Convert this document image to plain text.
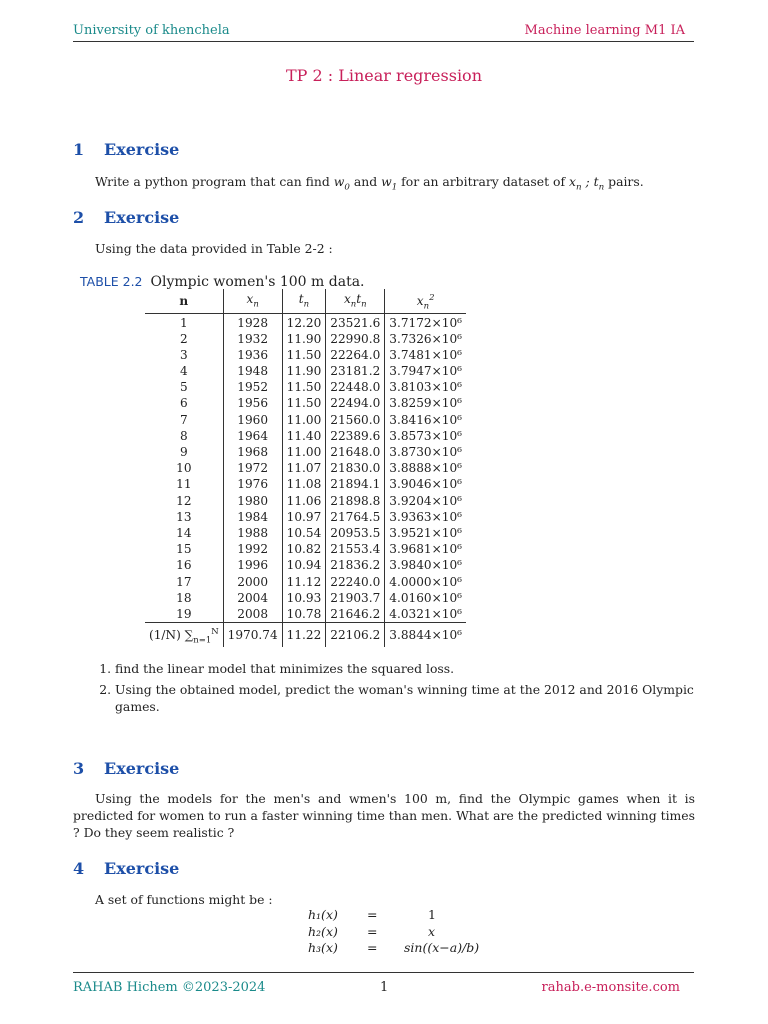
University of khenchela	Machine learning M1 IA
TP 2 : Linear regression
1 Exercise
Write a python program that can find $w_0$ and $w_1$ for an arbitrary dataset of $x_n$ ; $t_n$ pairs.
2 Exercise
Using the data provided in Table 2-2 :
TABLE 2.2 Olympic women's 100 m data.
n	$x_n$	$t_n$	$x_nt_n$	$x_n^2$
1	1928	12.20	23521.6	3.7172×10⁶
2	1932	11.90	22990.8	3.7326×10⁶
3	1936	11.50	22264.0	3.7481×10⁶
4	1948	11.90	23181.2	3.7947×10⁶
5	1952	11.50	22448.0	3.8103×10⁶
6	1956	11.50	22494.0	3.8259×10⁶
7	1960	11.00	21560.0	3.8416×10⁶
8	1964	11.40	22389.6	3.8573×10⁶
9	1968	11.00	21648.0	3.8730×10⁶
10	1972	11.07	21830.0	3.8888×10⁶
11	1976	11.08	21894.1	3.9046×10⁶
12	1980	11.06	21898.8	3.9204×10⁶
13	1984	10.97	21764.5	3.9363×10⁶
14	1988	10.54	20953.5	3.9521×10⁶
15	1992	10.82	21553.4	3.9681×10⁶
16	1996	10.94	21836.2	3.9840×10⁶
17	2000	11.12	22240.0	4.0000×10⁶
18	2004	10.93	21903.7	4.0160×10⁶
19	2008	10.78	21646.2	4.0321×10⁶
(1/N) $\sum_{n=1}^N$	1970.74	11.22	22106.2	3.8844×10⁶
1. find the linear model that minimizes the squared loss.
2. Using the obtained model, predict the woman's winning time at the 2012 and 2016 Olympic games.
3 Exercise
Using the models for the men's and wmen's 100 m, find the Olympic games when it is predicted for women to run a faster winning time than men. What are the predicted winning times ? Do they seem realistic ?
4 Exercise
A set of functions might be :
h₁(x) =	1
h₂(x) =	x
h₃(x) = sin((x−a)/b)
RAHAB Hichem ©2023-2024	1	rahab.e-monsite.com
